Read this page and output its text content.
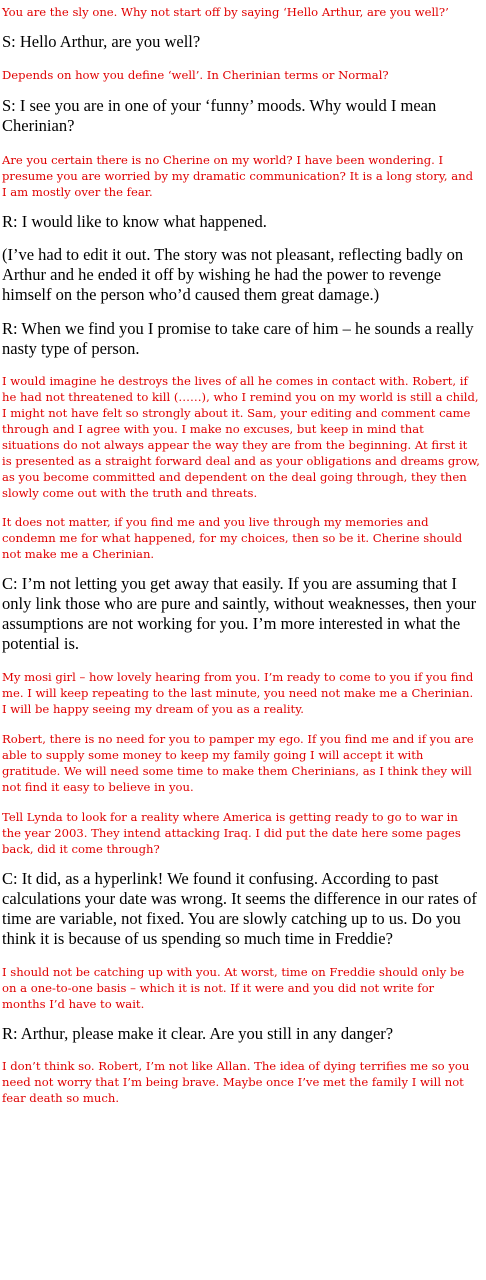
You are the sly one. Why not start off by saying ‘Hello Arthur, are you well?’

S: Hello Arthur, are you well?

Depends on how you define ‘well’. In Cherinian terms or Normal?

S: I see you are in one of your ‘funny’ moods. Why would I mean Cherinian?

Are you certain there is no Cherine on my world? I have been wondering. I presume you are worried by my dramatic communication? It is a long story, and I am mostly over the fear.

R: I would like to know what happened.

(I’ve had to edit it out. The story was not pleasant, reflecting badly on Arthur and he ended it off by wishing he had the power to revenge himself on the person who’d caused them great damage.)

R: When we find you I promise to take care of him – he sounds a really nasty type of person.

I would imagine he destroys the lives of all he comes in contact with. Robert, if he had not threatened to kill (……), who I remind you on my world is still a child, I might not have felt so strongly about it. Sam, your editing and comment came through and I agree with you. I make no excuses, but keep in mind that situations do not always appear the way they are from the beginning. At first it is presented as a straight forward deal and as your obligations and dreams grow, as you become committed and dependent on the deal going through, they then slowly come out with the truth and threats.

It does not matter, if you find me and you live through my memories and condemn me for what happened, for my choices, then so be it. Cherine should not make me a Cherinian.

C: I’m not letting you get away that easily. If you are assuming that I only link those who are pure and saintly, without weaknesses, then your assumptions are not working for you. I’m more interested in what the potential is.

My mosi girl – how lovely hearing from you. I’m ready to come to you if you find me. I will keep repeating to the last minute, you need not make me a Cherinian. I will be happy seeing my dream of you as a reality.

Robert, there is no need for you to pamper my ego. If you find me and if you are able to supply some money to keep my family going I will accept it with gratitude. We will need some time to make them Cherinians, as I think they will not find it easy to believe in you.

Tell Lynda to look for a reality where America is getting ready to go to war in the year 2003. They intend attacking Iraq. I did put the date here some pages back, did it come through?

C: It did, as a hyperlink! We found it confusing. According to past calculations your date was wrong. It seems the difference in our rates of time are variable, not fixed. You are slowly catching up to us. Do you think it is because of us spending so much time in Freddie?

I should not be catching up with you. At worst, time on Freddie should only be on a one-to-one basis – which it is not. If it were and you did not write for months I’d have to wait.

R: Arthur, please make it clear. Are you still in any danger?

I don’t think so. Robert, I’m not like Allan. The idea of dying terrifies me so you need not worry that I’m being brave. Maybe once I’ve met the family I will not fear death so much.
